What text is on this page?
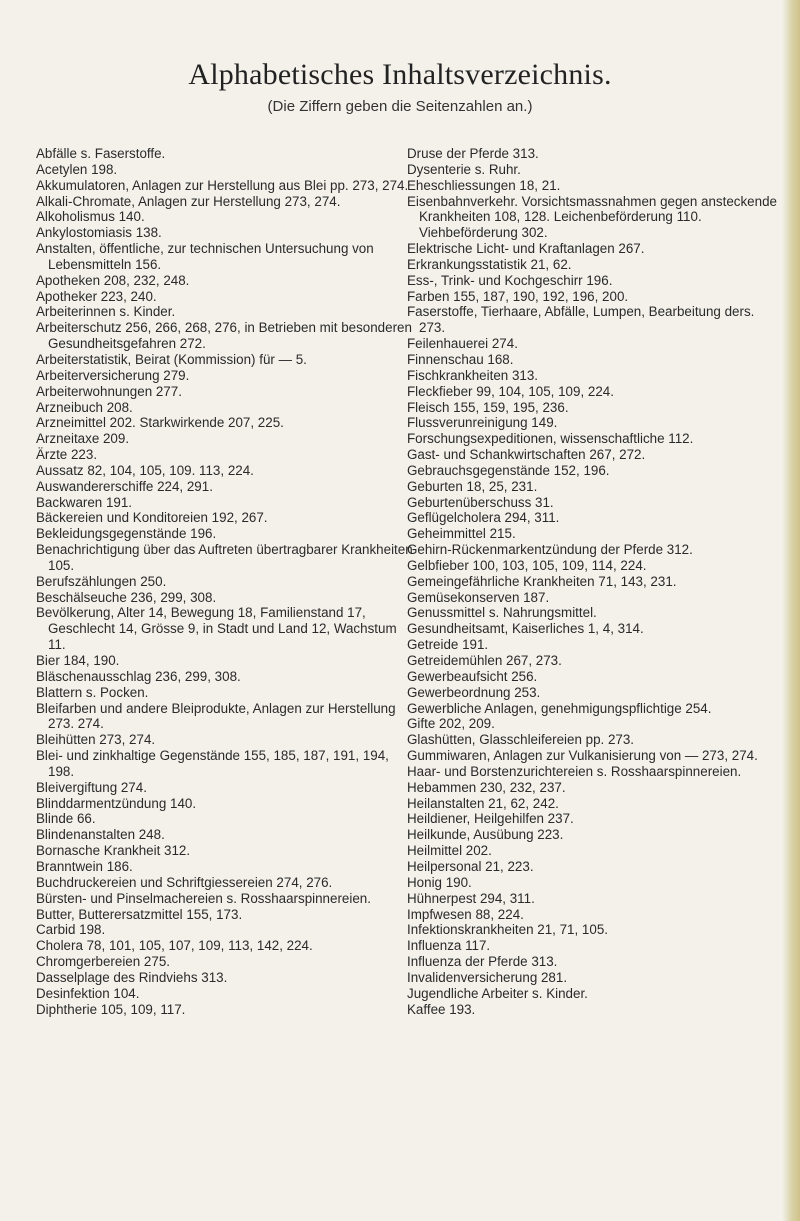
Alphabetisches Inhaltsverzeichnis.
(Die Ziffern geben die Seitenzahlen an.)

Abfälle s. Faserstoffe.

Acetylen 198.

Akkumulatoren, Anlagen zur Herstellung aus Blei pp. 273, 274.

Alkali-Chromate, Anlagen zur Herstellung 273, 274.

Alkoholismus 140.

Ankylostomiasis 138.

Anstalten, öffentliche, zur technischen Untersuchung von Lebensmitteln 156.

Apotheken 208, 232, 248.

Apotheker 223, 240.

Arbeiterinnen s. Kinder.

Arbeiterschutz 256, 266, 268, 276, in Betrieben mit besonderen Gesundheitsgefahren 272.

Arbeiterstatistik, Beirat (Kommission) für — 5.

Arbeiterversicherung 279.

Arbeiterwohnungen 277.

Arzneibuch 208.

Arzneimittel 202. Starkwirkende 207, 225.

Arzneitaxe 209.

Ärzte 223.

Aussatz 82, 104, 105, 109. 113, 224.

Auswandererschiffe 224, 291.

Backwaren 191.

Bäckereien und Konditoreien 192, 267.

Bekleidungsgegenstände 196.

Benachrichtigung über das Auftreten übertragbarer Krankheiten 105.

Berufszählungen 250.

Beschälseuche 236, 299, 308.

Bevölkerung, Alter 14, Bewegung 18, Familienstand 17, Geschlecht 14, Grösse 9, in Stadt und Land 12, Wachstum 11.

Bier 184, 190.

Bläschenausschlag 236, 299, 308.

Blattern s. Pocken.

Bleifarben und andere Bleiprodukte, Anlagen zur Herstellung 273. 274.

Bleihütten 273, 274.

Blei- und zinkhaltige Gegenstände 155, 185, 187, 191, 194, 198.

Bleivergiftung 274.

Blinddarmentzündung 140.

Blinde 66.

Blindenanstalten 248.

Bornasche Krankheit 312.

Branntwein 186.

Buchdruckereien und Schriftgiessereien 274, 276.

Bürsten- und Pinselmachereien s. Rosshaarspinnereien.

Butter, Butterersatzmittel 155, 173.

Carbid 198.

Cholera 78, 101, 105, 107, 109, 113, 142, 224.

Chromgerbereien 275.

Dasselplage des Rindviehs 313.

Desinfektion 104.

Diphtherie 105, 109, 117.

Druse der Pferde 313.

Dysenterie s. Ruhr.

Eheschliessungen 18, 21.

Eisenbahnverkehr. Vorsichtsmassnahmen gegen ansteckende Krankheiten 108, 128. Leichenbeförderung 110. Viehbeförderung 302.

Elektrische Licht- und Kraftanlagen 267.

Erkrankungsstatistik 21, 62.

Ess-, Trink- und Kochgeschirr 196.

Farben 155, 187, 190, 192, 196, 200.

Faserstoffe, Tierhaare, Abfälle, Lumpen, Bearbeitung ders. 273.

Feilenhauerei 274.

Finnenschau 168.

Fischkrankheiten 313.

Fleckfieber 99, 104, 105, 109, 224.

Fleisch 155, 159, 195, 236.

Flussverunreinigung 149.

Forschungsexpeditionen, wissenschaftliche 112.

Gast- und Schankwirtschaften 267, 272.

Gebrauchsgegenstände 152, 196.

Geburten 18, 25, 231.

Geburtenüberschuss 31.

Geflügelcholera 294, 311.

Geheimmittel 215.

Gehirn-Rückenmarkentzündung der Pferde 312.

Gelbfieber 100, 103, 105, 109, 114, 224.

Gemeingefährliche Krankheiten 71, 143, 231.

Gemüsekonserven 187.

Genussmittel s. Nahrungsmittel.

Gesundheitsamt, Kaiserliches 1, 4, 314.

Getreide 191.

Getreidemühlen 267, 273.

Gewerbeaufsicht 256.

Gewerbeordnung 253.

Gewerbliche Anlagen, genehmigungspflichtige 254.

Gifte 202, 209.

Glashütten, Glasschleifereien pp. 273.

Gummiwaren, Anlagen zur Vulkanisierung von — 273, 274.

Haar- und Borstenzurichtereien s. Rosshaarspinnereien.

Hebammen 230, 232, 237.

Heilanstalten 21, 62, 242.

Heildiener, Heilgehilfen 237.

Heilkunde, Ausübung 223.

Heilmittel 202.

Heilpersonal 21, 223.

Honig 190.

Hühnerpest 294, 311.

Impfwesen 88, 224.

Infektionskrankheiten 21, 71, 105.

Influenza 117.

Influenza der Pferde 313.

Invalidenversicherung 281.

Jugendliche Arbeiter s. Kinder.

Kaffee 193.
